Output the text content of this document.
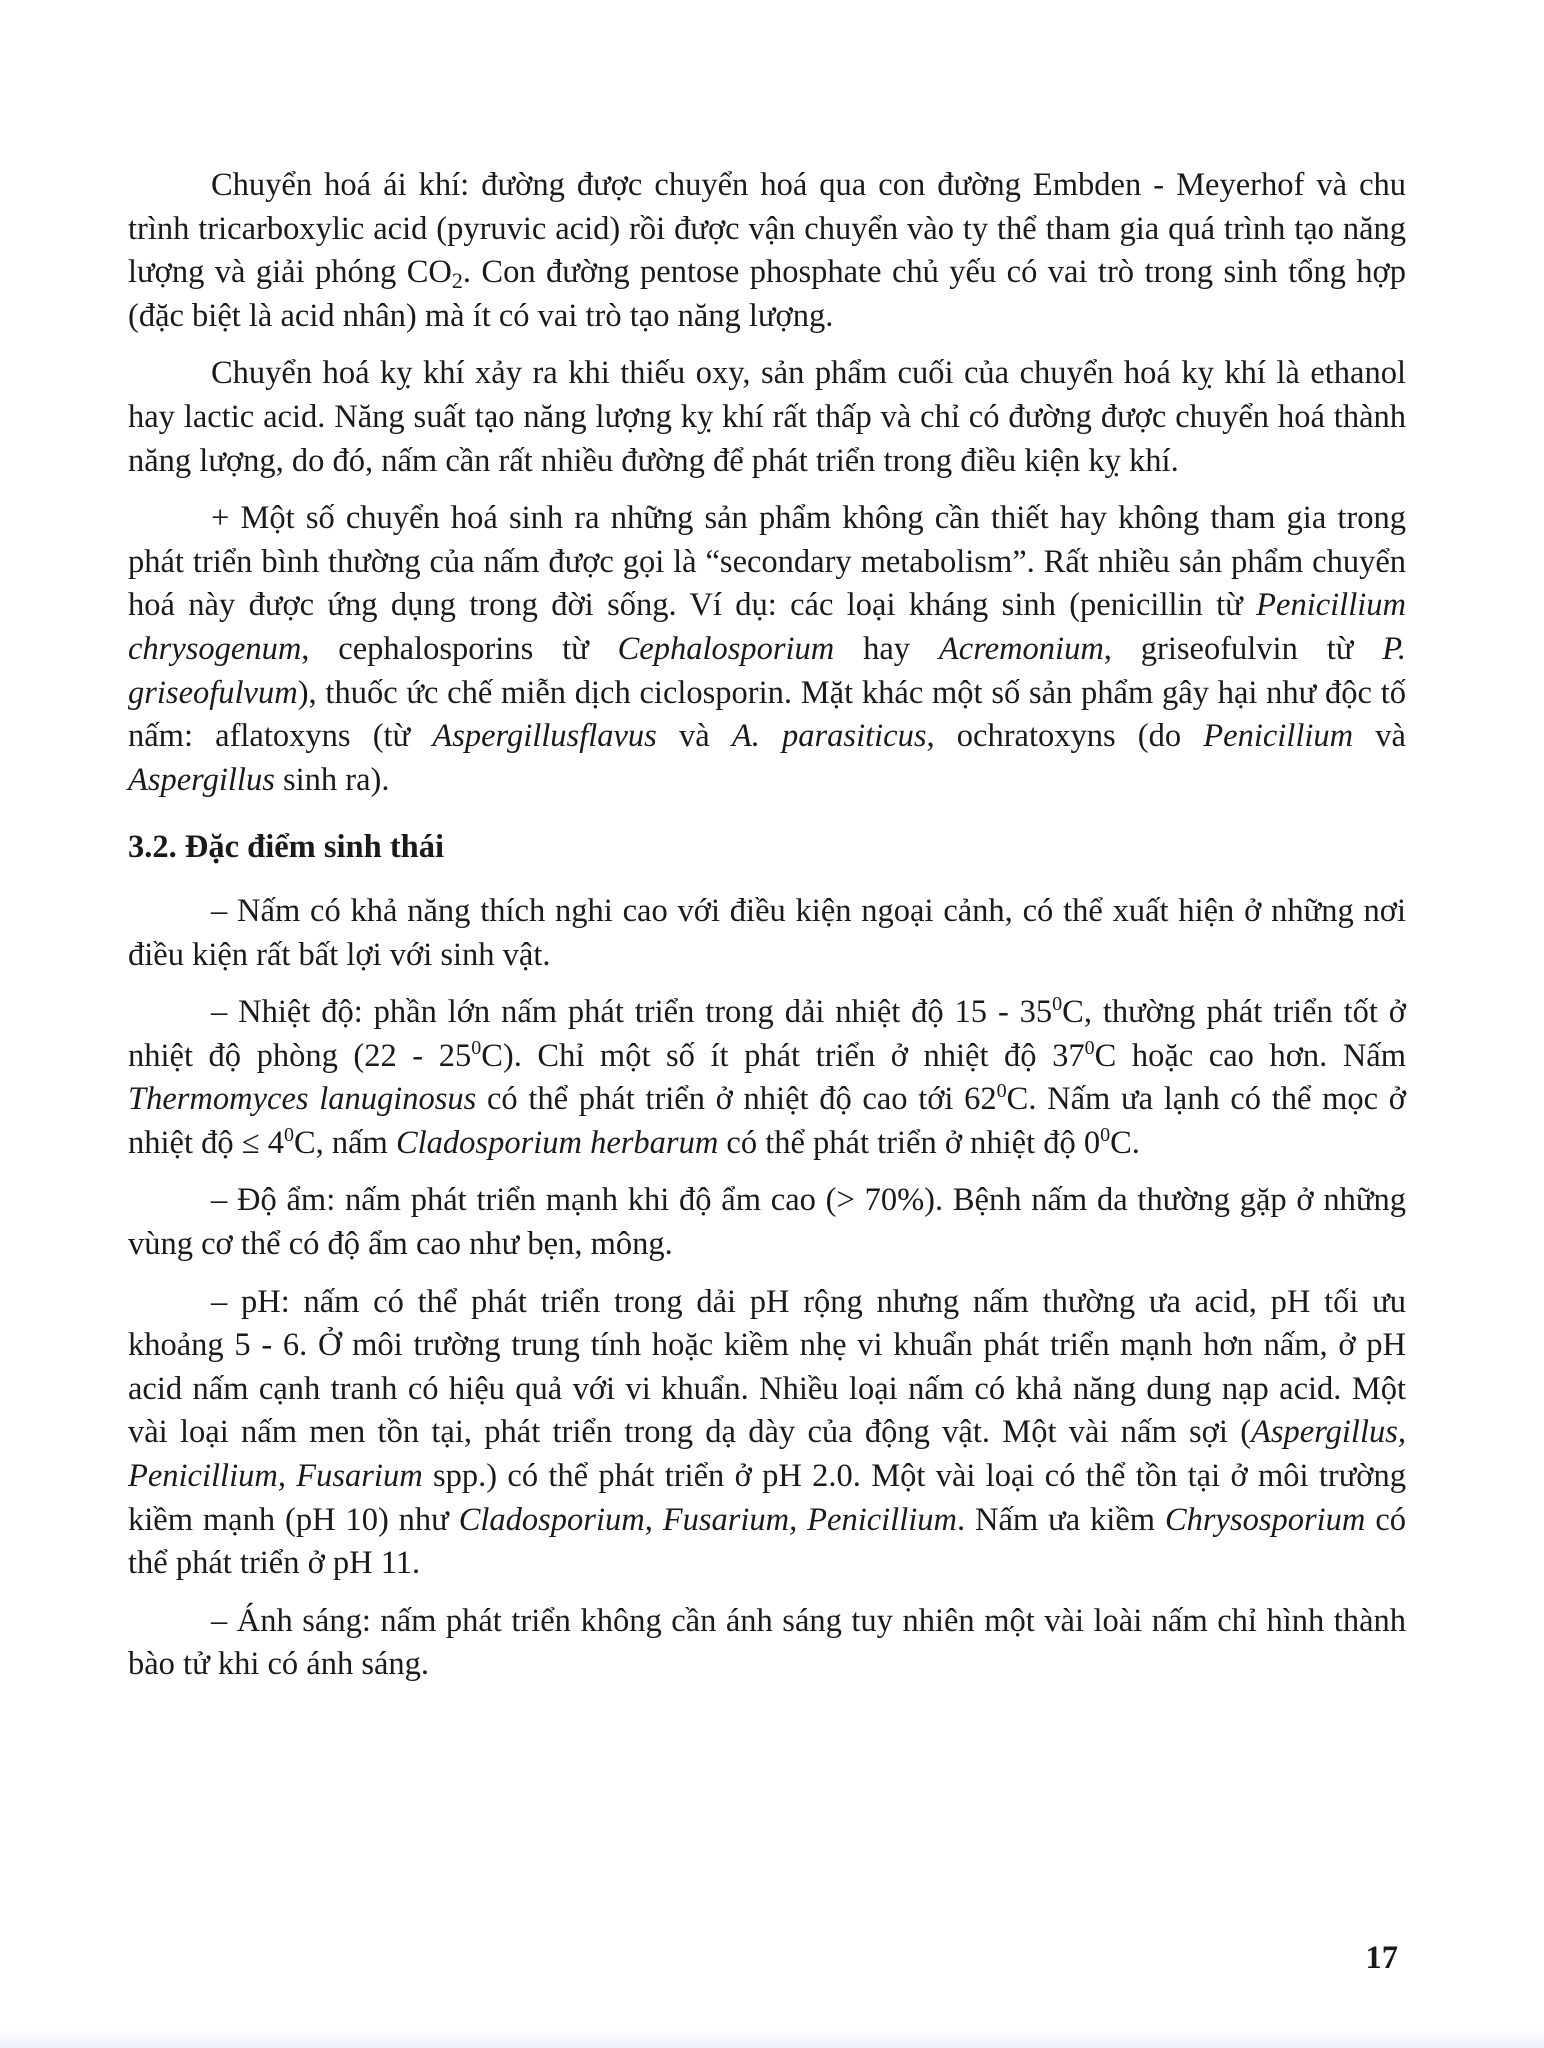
Chuyển hoá ái khí: đường được chuyển hoá qua con đường Embden - Meyerhof và chu trình tricarboxylic acid (pyruvic acid) rồi được vận chuyển vào ty thể tham gia quá trình tạo năng lượng và giải phóng $CO_2$. Con đường pentose phosphate chủ yếu có vai trò trong sinh tổng hợp (đặc biệt là acid nhân) mà ít có vai trò tạo năng lượng.

Chuyển hoá kỵ khí xảy ra khi thiếu oxy, sản phẩm cuối của chuyển hoá kỵ khí là ethanol hay lactic acid. Năng suất tạo năng lượng kỵ khí rất thấp và chỉ có đường được chuyển hoá thành năng lượng, do đó, nấm cần rất nhiều đường để phát triển trong điều kiện kỵ khí.

+ Một số chuyển hoá sinh ra những sản phẩm không cần thiết hay không tham gia trong phát triển bình thường của nấm được gọi là “secondary metabolism”. Rất nhiều sản phẩm chuyển hoá này được ứng dụng trong đời sống. Ví dụ: các loại kháng sinh (penicillin từ Penicillium chrysogenum, cephalosporins từ Cephalosporium hay Acremonium, griseofulvin từ P. griseofulvum), thuốc ức chế miễn dịch ciclosporin. Mặt khác một số sản phẩm gây hại như độc tố nấm: aflatoxyns (từ Aspergillusflavus và A. parasiticus, ochratoxyns (do Penicillium và Aspergillus sinh ra).

3.2. Đặc điểm sinh thái

– Nấm có khả năng thích nghi cao với điều kiện ngoại cảnh, có thể xuất hiện ở những nơi điều kiện rất bất lợi với sinh vật.

– Nhiệt độ: phần lớn nấm phát triển trong dải nhiệt độ $15 - 35^0C$, thường phát triển tốt ở nhiệt độ phòng $(22 - 25^0C)$. Chỉ một số ít phát triển ở nhiệt độ $37^0C$ hoặc cao hơn. Nấm Thermomyces lanuginosus có thể phát triển ở nhiệt độ cao tới $62^0C$. Nấm ưa lạnh có thể mọc ở nhiệt độ ≤ $4^0C$, nấm Cladosporium herbarum có thể phát triển ở nhiệt độ $0^0C$.

– Độ ẩm: nấm phát triển mạnh khi độ ẩm cao (> 70%). Bệnh nấm da thường gặp ở những vùng cơ thể có độ ẩm cao như bẹn, mông.

– pH: nấm có thể phát triển trong dải pH rộng nhưng nấm thường ưa acid, pH tối ưu khoảng 5 - 6. Ở môi trường trung tính hoặc kiềm nhẹ vi khuẩn phát triển mạnh hơn nấm, ở pH acid nấm cạnh tranh có hiệu quả với vi khuẩn. Nhiều loại nấm có khả năng dung nạp acid. Một vài loại nấm men tồn tại, phát triển trong dạ dày của động vật. Một vài nấm sợi (Aspergillus, Penicillium, Fusarium spp.) có thể phát triển ở pH 2.0. Một vài loại có thể tồn tại ở môi trường kiềm mạnh (pH 10) như Cladosporium, Fusarium, Penicillium. Nấm ưa kiềm Chrysosporium có thể phát triển ở pH 11.

– Ánh sáng: nấm phát triển không cần ánh sáng tuy nhiên một vài loài nấm chỉ hình thành bào tử khi có ánh sáng.

17
